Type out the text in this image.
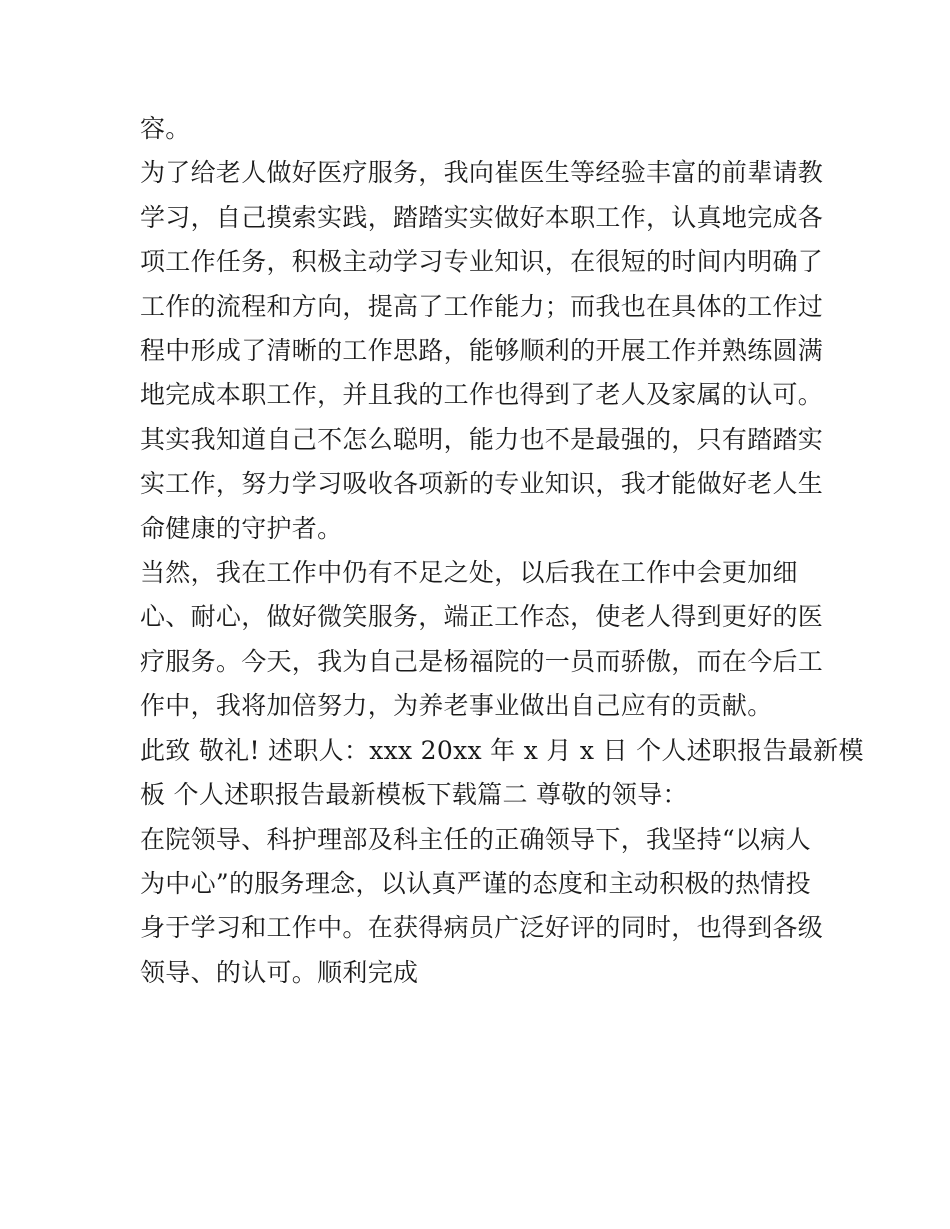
容。
为了给老人做好医疗服务，我向崔医生等经验丰富的前辈请教
学习，自己摸索实践，踏踏实实做好本职工作，认真地完成各
项工作任务，积极主动学习专业知识，在很短的时间内明确了
工作的流程和方向，提高了工作能力；而我也在具体的工作过
程中形成了清晰的工作思路，能够顺利的开展工作并熟练圆满
地完成本职工作，并且我的工作也得到了老人及家属的认可。
其实我知道自己不怎么聪明，能力也不是最强的，只有踏踏实
实工作，努力学习吸收各项新的专业知识，我才能做好老人生
命健康的守护者。
当然，我在工作中仍有不足之处，以后我在工作中会更加细
心、耐心，做好微笑服务，端正工作态，使老人得到更好的医
疗服务。今天，我为自己是杨福院的一员而骄傲，而在今后工
作中，我将加倍努力，为养老事业做出自己应有的贡献。
此致 敬礼! 述职人：xxx 20xx 年 x 月 x 日 个人述职报告最新模
板 个人述职报告最新模板下载篇二 尊敬的领导：
在院领导、科护理部及科主任的正确领导下，我坚持“以病人
为中心”的服务理念，以认真严谨的态度和主动积极的热情投
身于学习和工作中。在获得病员广泛好评的同时，也得到各级
领导、的认可。顺利完成
